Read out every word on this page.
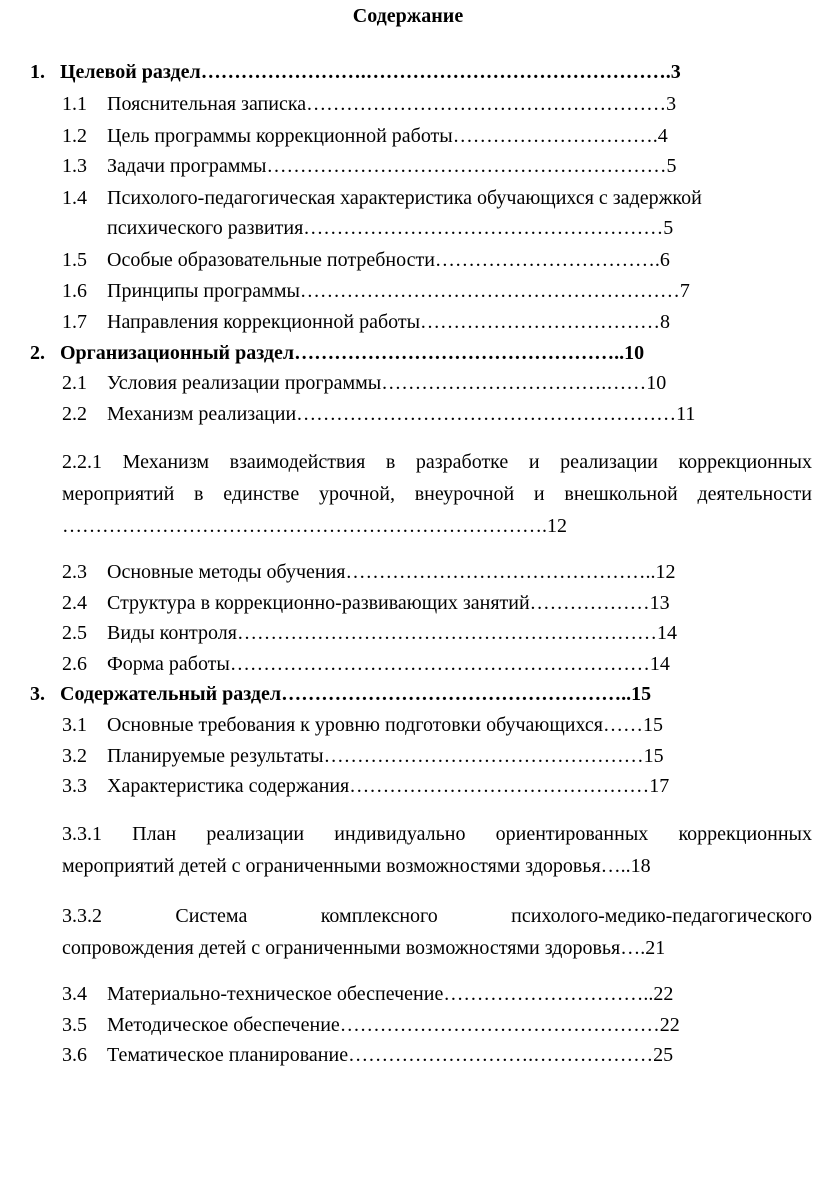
Содержание
1. Целевой раздел…………………….……………………………………….3
1.1 Пояснительная записка………………………………………………3
1.2 Цель программы коррекционной работы………………………….4
1.3 Задачи программы……………………………………………………5
1.4 Психолого-педагогическая характеристика обучающихся с задержкой
психического развития………………………………………………5
1.5 Особые образовательные потребности…………………………….6
1.6 Принципы программы…………………………………………………7
1.7 Направления коррекционной работы………………………………8
2. Организационный раздел…………………………………………..10
2.1 Условия реализации программы…………………………….……10
2.2 Механизм реализации…………………………………………………11
2.2.1 Механизм взаимодействия в разработке и реализации коррекционных
мероприятий в единстве урочной, внеурочной и внешкольной деятельности
……………………………………………………………….12
2.3 Основные методы обучения………………………………………..12
2.4 Структура в коррекционно-развивающих занятий………………13
2.5 Виды контроля………………………………………………………14
2.6 Форма работы………………………………………………………14
3. Содержательный раздел……………………………………………..15
3.1 Основные требования к уровню подготовки обучающихся……15
3.2 Планируемые результаты…………………………………………15
3.3 Характеристика содержания………………………………………17
3.3.1 План реализации индивидуально ориентированных коррекционных
мероприятий детей с ограниченными возможностями здоровья…..18
3.3.2	Система	комплексного	психолого-медико-педагогического
сопровождения детей с ограниченными возможностями здоровья….21
3.4 Материально-техническое обеспечение…………………………..22
3.5 Методическое обеспечение…………………………………………22
3.6 Тематическое планирование……………………….………………25
